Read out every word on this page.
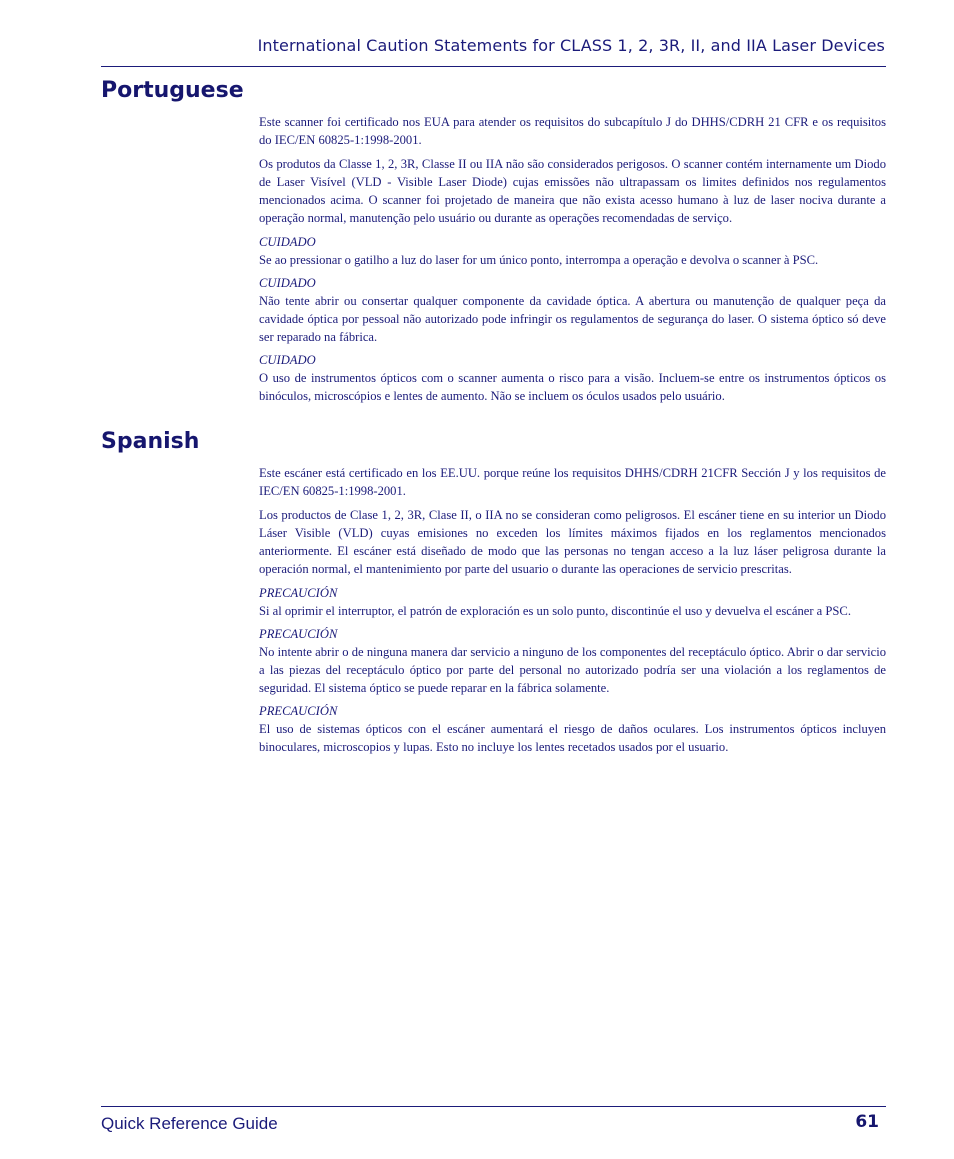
International Caution Statements for CLASS 1, 2, 3R, II, and IIA Laser Devices
Portuguese

Este scanner foi certificado nos EUA para atender os requisitos do subcapítulo J do DHHS/CDRH 21 CFR e os requisitos do IEC/EN 60825-1:1998-2001.

Os produtos da Classe 1, 2, 3R, Classe II ou IIA não são considerados perigosos. O scanner contém internamente um Diodo de Laser Visível (VLD - Visible Laser Diode) cujas emissões não ultrapassam os limites definidos nos regulamentos mencionados acima. O scanner foi projetado de maneira que não exista acesso humano à luz de laser nociva durante a operação normal, manutenção pelo usuário ou durante as operações recomendadas de serviço.

CUIDADO
Se ao pressionar o gatilho a luz do laser for um único ponto, interrompa a operação e devolva o scanner à PSC.
CUIDADO
Não tente abrir ou consertar qualquer componente da cavidade óptica. A abertura ou manutenção de qualquer peça da cavidade óptica por pessoal não autorizado pode infringir os regulamentos de segurança do laser. O sistema óptico só deve ser reparado na fábrica.
CUIDADO
O uso de instrumentos ópticos com o scanner aumenta o risco para a visão. Incluem-se entre os instrumentos ópticos os binóculos, microscópios e lentes de aumento. Não se incluem os óculos usados pelo usuário.
Spanish

Este escáner está certificado en los EE.UU. porque reúne los requisitos DHHS/CDRH 21CFR Sección J y los requisitos de IEC/EN 60825-1:1998-2001.

Los productos de Clase 1, 2, 3R, Clase II, o IIA no se consideran como peligrosos. El escáner tiene en su interior un Diodo Láser Visible (VLD) cuyas emisiones no exceden los límites máximos fijados en los reglamentos mencionados anteriormente. El escáner está diseñado de modo que las personas no tengan acceso a la luz láser peligrosa durante la operación normal, el mantenimiento por parte del usuario o durante las operaciones de servicio prescritas.

PRECAUCIÓN
Si al oprimir el interruptor, el patrón de exploración es un solo punto, discontinúe el uso y devuelva el escáner a PSC.
PRECAUCIÓN
No intente abrir o de ninguna manera dar servicio a ninguno de los componentes del receptáculo óptico. Abrir o dar servicio a las piezas del receptáculo óptico por parte del personal no autorizado podría ser una violación a los reglamentos de seguridad. El sistema óptico se puede reparar en la fábrica solamente.
PRECAUCIÓN
El uso de sistemas ópticos con el escáner aumentará el riesgo de daños oculares. Los instrumentos ópticos incluyen binoculares, microscopios y lupas. Esto no incluye los lentes recetados usados por el usuario.
Quick Reference Guide	61
